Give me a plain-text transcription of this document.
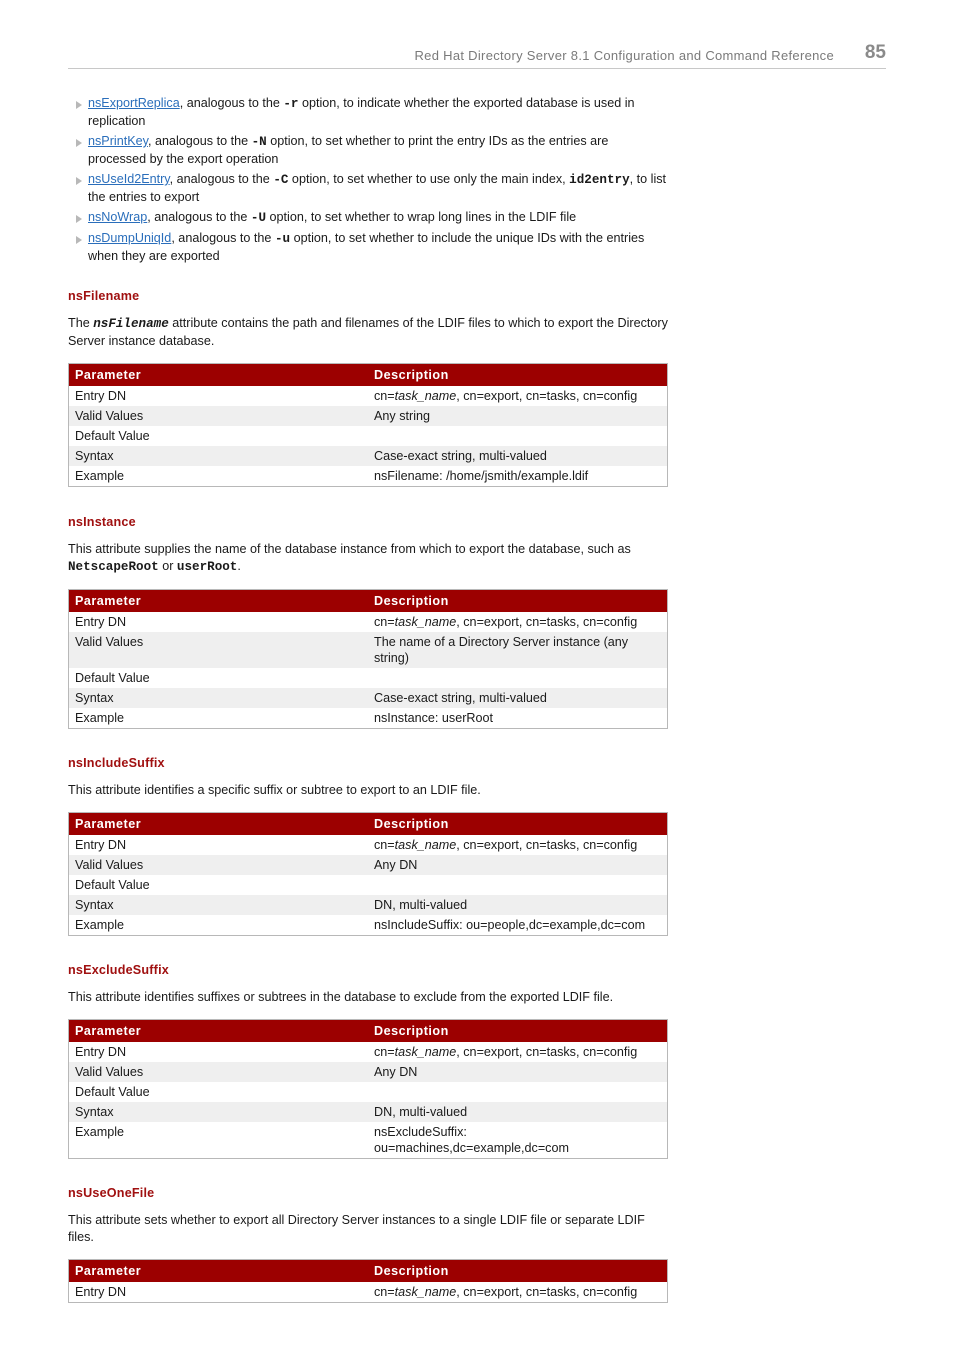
Red Hat Directory Server 8.1 Configuration and Command Reference 85
nsExportReplica, analogous to the -r option, to indicate whether the exported database is used in replication
nsPrintKey, analogous to the -N option, to set whether to print the entry IDs as the entries are processed by the export operation
nsUseId2Entry, analogous to the -C option, to set whether to use only the main index, id2entry, to list the entries to export
nsNoWrap, analogous to the -U option, to set whether to wrap long lines in the LDIF file
nsDumpUniqId, analogous to the -u option, to set whether to include the unique IDs with the entries when they are exported
nsFilename

The nsFilename attribute contains the path and filenames of the LDIF files to which to export the Directory Server instance database.

Parameter	Description
Entry DN	cn=task_name, cn=export, cn=tasks, cn=config
Valid Values	Any string
Default Value	
Syntax	Case-exact string, multi-valued
Example	nsFilename: /home/jsmith/example.ldif
nsInstance

This attribute supplies the name of the database instance from which to export the database, such as NetscapeRoot or userRoot.

Parameter	Description
Entry DN	cn=task_name, cn=export, cn=tasks, cn=config
Valid Values	The name of a Directory Server instance (any string)
Default Value	
Syntax	Case-exact string, multi-valued
Example	nsInstance: userRoot
nsIncludeSuffix

This attribute identifies a specific suffix or subtree to export to an LDIF file.

Parameter	Description
Entry DN	cn=task_name, cn=export, cn=tasks, cn=config
Valid Values	Any DN
Default Value	
Syntax	DN, multi-valued
Example	nsIncludeSuffix: ou=people,dc=example,dc=com
nsExcludeSuffix

This attribute identifies suffixes or subtrees in the database to exclude from the exported LDIF file.

Parameter	Description
Entry DN	cn=task_name, cn=export, cn=tasks, cn=config
Valid Values	Any DN
Default Value	
Syntax	DN, multi-valued
Example	nsExcludeSuffix:
ou=machines,dc=example,dc=com
nsUseOneFile

This attribute sets whether to export all Directory Server instances to a single LDIF file or separate LDIF files.

Parameter	Description
Entry DN	cn=task_name, cn=export, cn=tasks, cn=config
